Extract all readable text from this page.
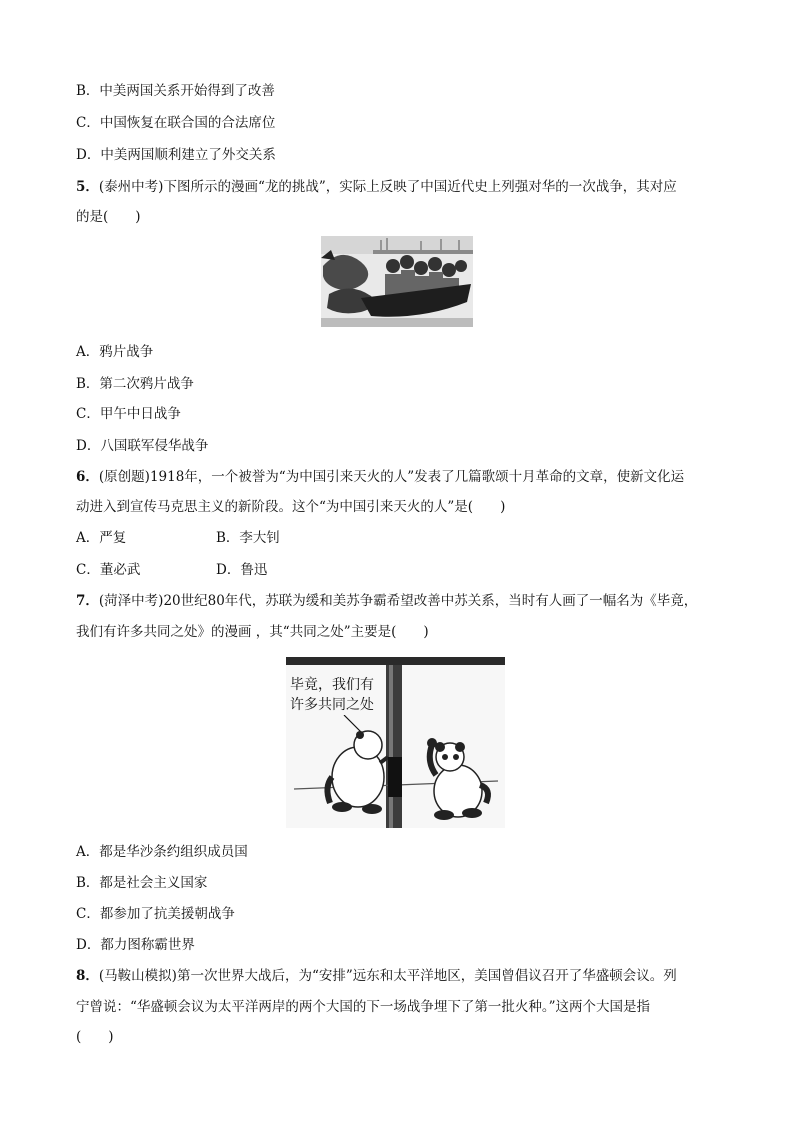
B．中美两国关系开始得到了改善
C．中国恢复在联合国的合法席位
D．中美两国顺利建立了外交关系
5．(泰州中考)下图所示的漫画“龙的挑战”，实际上反映了中国近代史上列强对华的一次战争，其对应
的是(　　)
A．鸦片战争
B．第二次鸦片战争
C．甲午中日战争
D．八国联军侵华战争
6．(原创题)1918年，一个被誉为“为中国引来天火的人”发表了几篇歌颂十月革命的文章，使新文化运
动进入到宣传马克思主义的新阶段。这个“为中国引来天火的人”是(　　)
A．严复	B．李大钊
C．董必武	D．鲁迅
7．(菏泽中考)20世纪80年代，苏联为缓和美苏争霸希望改善中苏关系，当时有人画了一幅名为《毕竟，
我们有许多共同之处》的漫画 ，其“共同之处”主要是(　　)
毕竟，我们有
许多共同之处
A．都是华沙条约组织成员国
B．都是社会主义国家
C．都参加了抗美援朝战争
D．都力图称霸世界
8．(马鞍山模拟)第一次世界大战后，为“安排”远东和太平洋地区，美国曾倡议召开了华盛顿会议。列
宁曾说：“华盛顿会议为太平洋两岸的两个大国的下一场战争埋下了第一批火种。”这两个大国是指
(　　)
